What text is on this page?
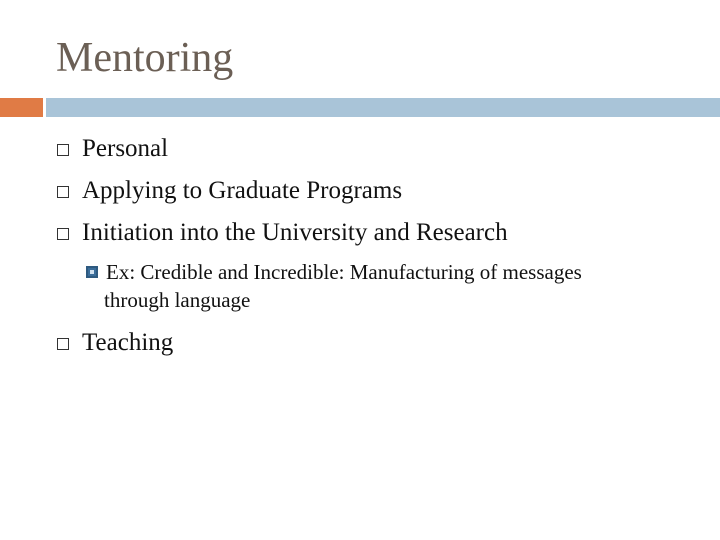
Mentoring
Personal
Applying to Graduate Programs
Initiation into the University and Research
Ex: Credible and Incredible: Manufacturing of messages
through language
Teaching
